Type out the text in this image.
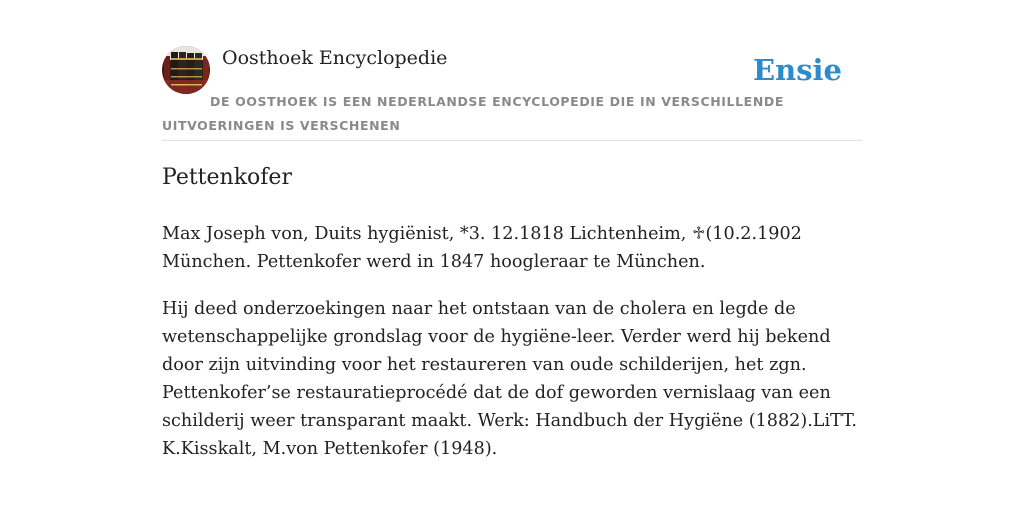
Oosthoek Encyclopedie	Ensie
DE OOSTHOEK IS EEN NEDERLANDSE ENCYCLOPEDIE DIE IN VERSCHILLENDE UITVOERINGEN IS VERSCHENEN
Pettenkofer

Max Joseph von, Duits hygiënist, *3. 12.1818 Lichtenheim, ♱(10.2.1902 München. Pettenkofer werd in 1847 hoogleraar te München.

Hij deed onderzoekingen naar het ontstaan van de cholera en legde de wetenschappelijke grondslag voor de hygiëne-leer. Verder werd hij bekend door zijn uitvinding voor het restaureren van oude schilderijen, het zgn. Pettenkofer’se restauratieprocédé dat de dof geworden vernislaag van een schilderij weer transparant maakt. Werk: Handbuch der Hygiëne (1882).LiTT. K.Kisskalt, M.von Pettenkofer (1948).
